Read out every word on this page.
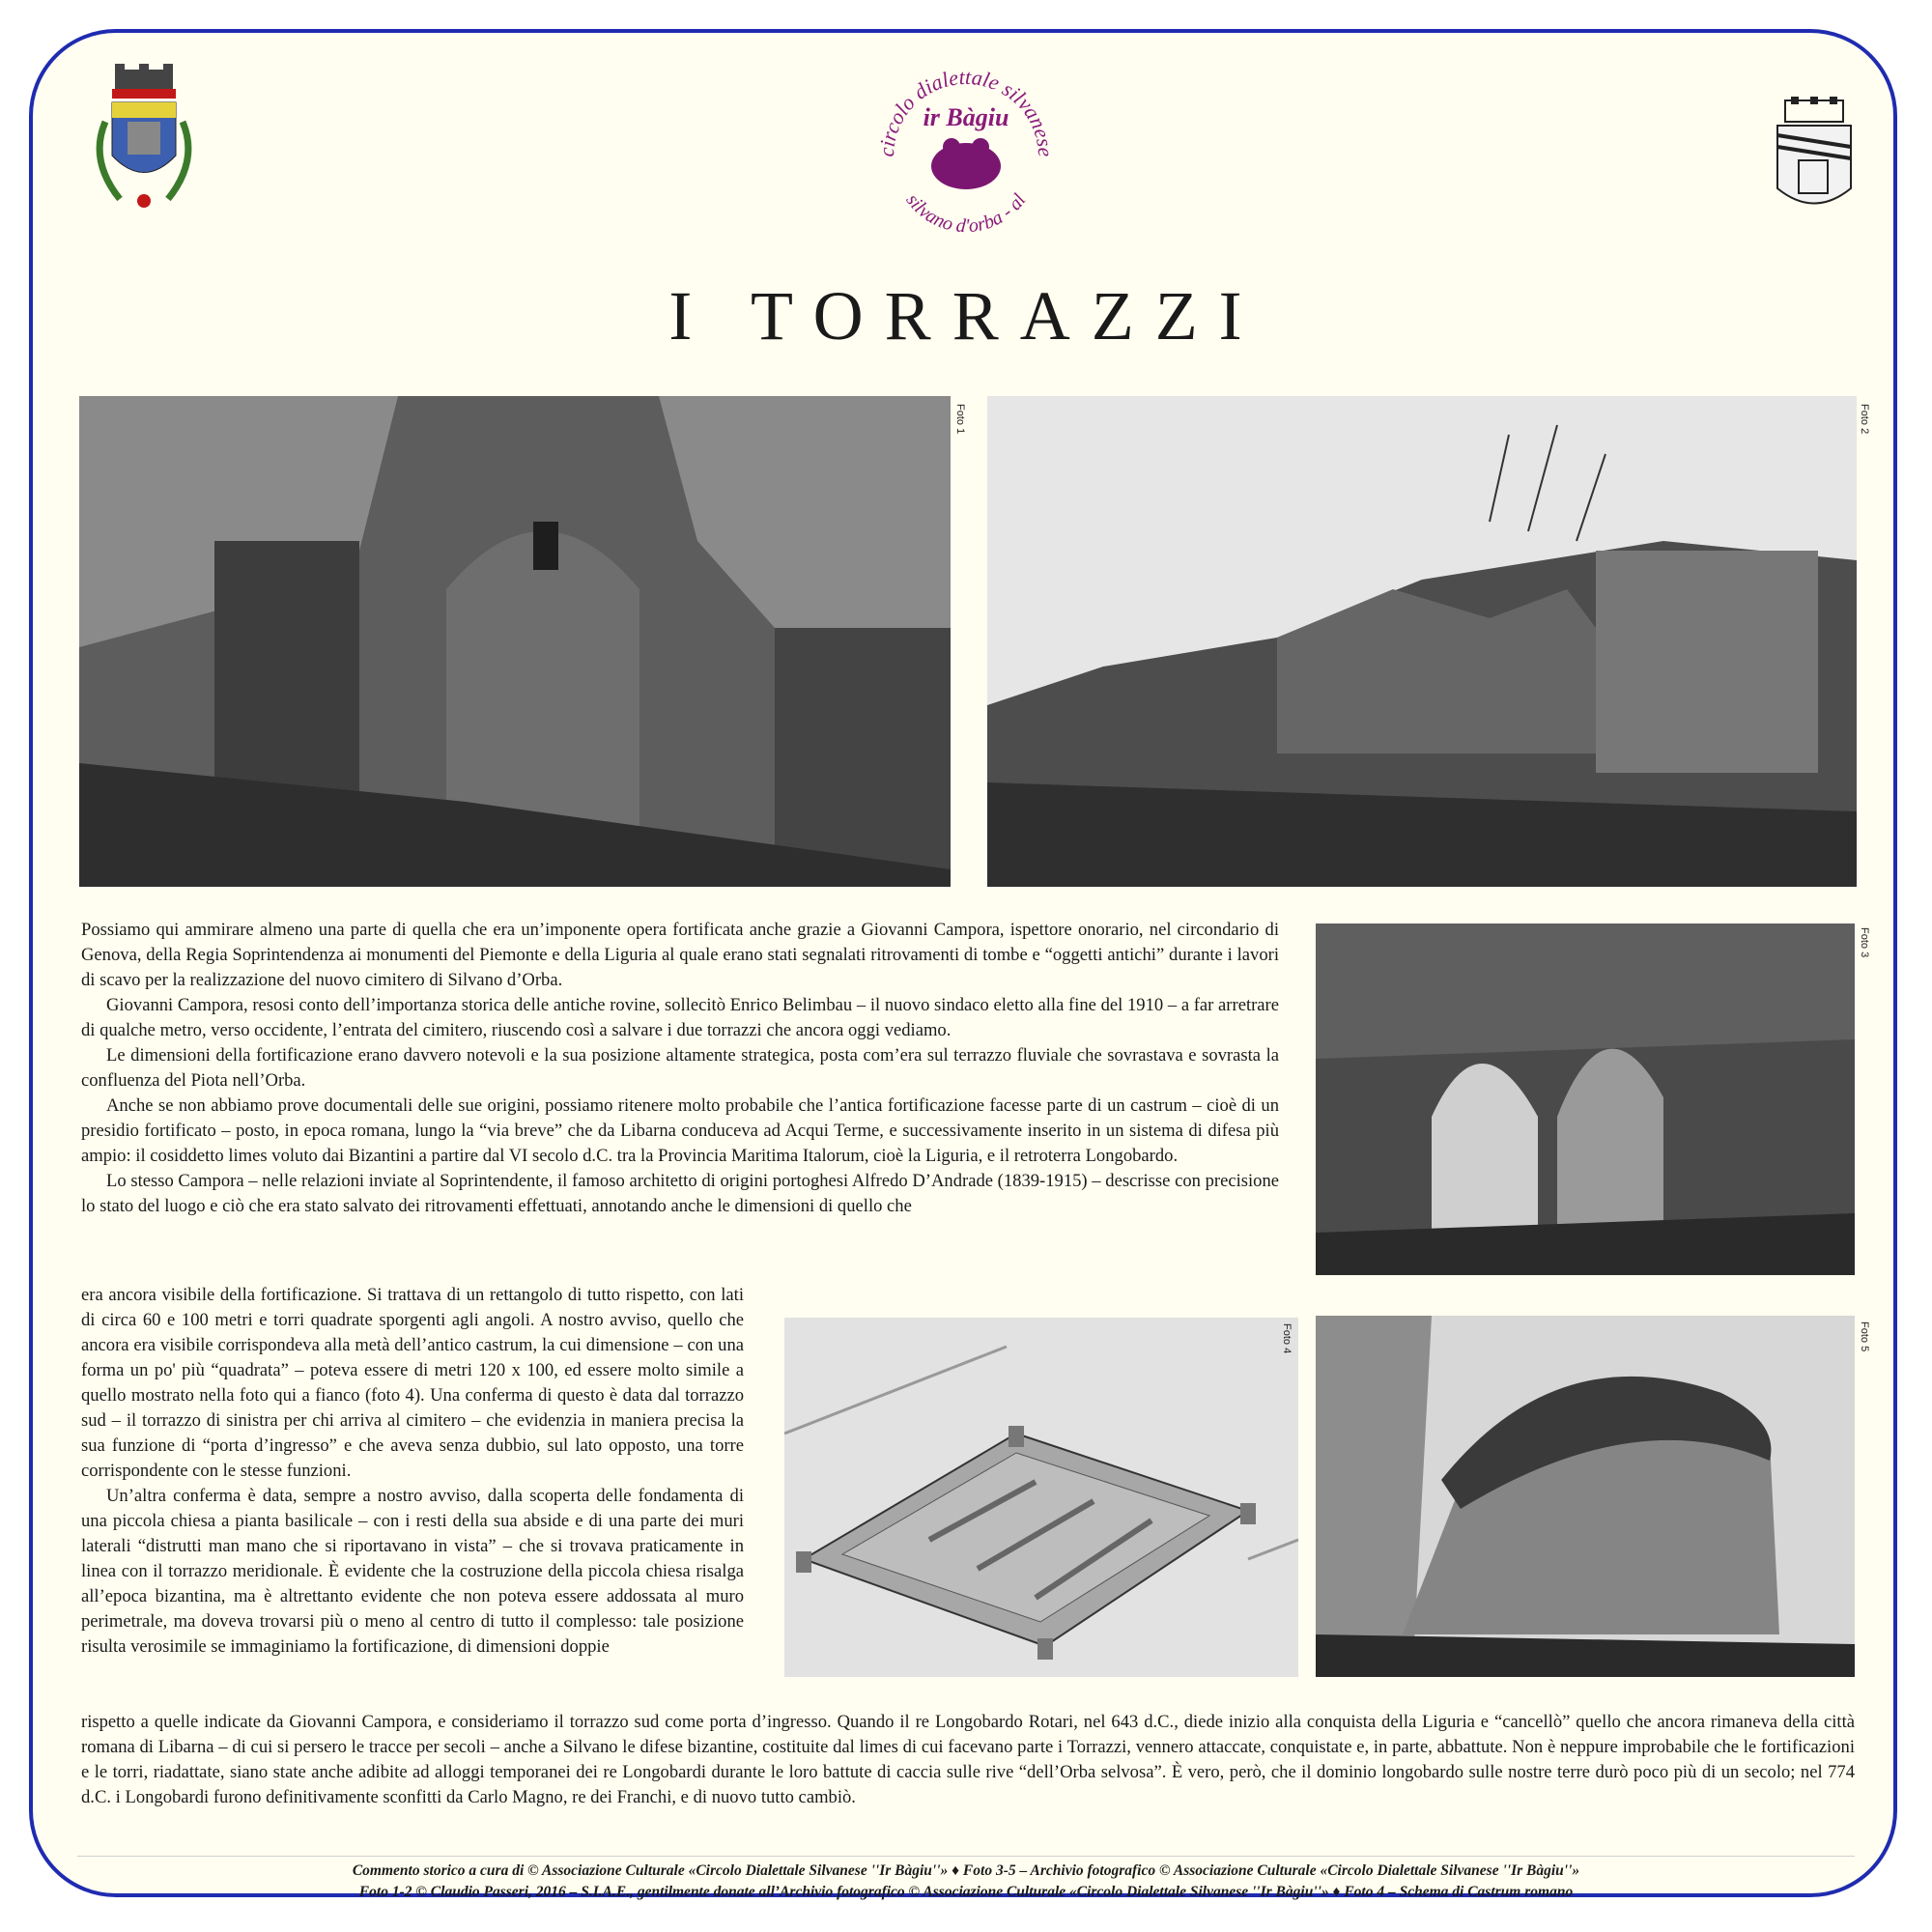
circolo dialettale silvanese
ir Bàgiu
silvano d'orba - al
I TORRAZZI
Foto 1	Foto 2

Possiamo qui ammirare almeno una parte di quella che era un’imponente opera fortificata anche grazie a Giovanni Campora, ispettore onorario, nel circondario di Genova, della Regia Soprintendenza ai monumenti del Piemonte e della Liguria al quale erano stati segnalati ritrovamenti di tombe e “oggetti antichi” durante i lavori di scavo per la realizzazione del nuovo cimitero di Silvano d’Orba.

Giovanni Campora, resosi conto dell’importanza storica delle antiche rovine, sollecitò Enrico Belimbau – il nuovo sindaco eletto alla fine del 1910 – a far arretrare di qualche metro, verso occidente, l’entrata del cimitero, riuscendo così a salvare i due torrazzi che ancora oggi vediamo.

Le dimensioni della fortificazione erano davvero notevoli e la sua posizione altamente strategica, posta com’era sul terrazzo fluviale che sovrastava e sovrasta la confluenza del Piota nell’Orba.

Anche se non abbiamo prove documentali delle sue origini, possiamo ritenere molto probabile che l’antica fortificazione facesse parte di un castrum – cioè di un presidio fortificato – posto, in epoca romana, lungo la “via breve” che da Libarna conduceva ad Acqui Terme, e successivamente inserito in un sistema di difesa più ampio: il cosiddetto limes voluto dai Bizantini a partire dal VI secolo d.C. tra la Provincia Maritima Italorum, cioè la Liguria, e il retroterra Longobardo.

Lo stesso Campora – nelle relazioni inviate al Soprintendente, il famoso architetto di origini portoghesi Alfredo D’Andrade (1839-1915) – descrisse con precisione lo stato del luogo e ciò che era stato salvato dei ritrovamenti effettuati, annotando anche le dimensioni di quello che

Foto 3

era ancora visibile della fortificazione. Si trattava di un rettangolo di tutto rispetto, con lati di circa 60 e 100 metri e torri quadrate sporgenti agli angoli. A nostro avviso, quello che ancora era visibile corrispondeva alla metà dell’antico castrum, la cui dimensione – con una forma un po' più “quadrata” – poteva essere di metri 120 x 100, ed essere molto simile a quello mostrato nella foto qui a fianco (foto 4). Una conferma di questo è data dal torrazzo sud – il torrazzo di sinistra per chi arriva al cimitero – che evidenzia in maniera precisa la sua funzione di “porta d’ingresso” e che aveva senza dubbio, sul lato opposto, una torre corrispondente con le stesse funzioni.

Un’altra conferma è data, sempre a nostro avviso, dalla scoperta delle fondamenta di una piccola chiesa a pianta basilicale – con i resti della sua abside e di una parte dei muri laterali “distrutti man mano che si riportavano in vista” – che si trovava praticamente in linea con il torrazzo meridionale. È evidente che la costruzione della piccola chiesa risalga all’epoca bizantina, ma è altrettanto evidente che non poteva essere addossata al muro perimetrale, ma doveva trovarsi più o meno al centro di tutto il complesso: tale posizione risulta verosimile se immaginiamo la fortificazione, di dimensioni doppie

Foto 4	Foto 5

rispetto a quelle indicate da Giovanni Campora, e consideriamo il torrazzo sud come porta d’ingresso. Quando il re Longobardo Rotari, nel 643 d.C., diede inizio alla conquista della Liguria e “cancellò” quello che ancora rimaneva della città romana di Libarna – di cui si persero le tracce per secoli – anche a Silvano le difese bizantine, costituite dal limes di cui facevano parte i Torrazzi, vennero attaccate, conquistate e, in parte, abbattute. Non è neppure improbabile che le fortificazioni e le torri, riadattate, siano state anche adibite ad alloggi temporanei dei re Longobardi durante le loro battute di caccia sulle rive “dell’Orba selvosa”. È vero, però, che il dominio longobardo sulle nostre terre durò poco più di un secolo; nel 774 d.C. i Longobardi furono definitivamente sconfitti da Carlo Magno, re dei Franchi, e di nuovo tutto cambiò.

Commento storico a cura di © Associazione Culturale «Circolo Dialettale Silvanese ''Ir Bàgiu''» ♦ Foto 3-5 – Archivio fotografico © Associazione Culturale «Circolo Dialettale Silvanese ''Ir Bàgiu''»
Foto 1-2 © Claudio Passeri, 2016 – S.I.A.E., gentilmente donate all’Archivio fotografico © Associazione Culturale «Circolo Dialettale Silvanese ''Ir Bàgiu''» ♦ Foto 4 – Schema di Castrum romano
